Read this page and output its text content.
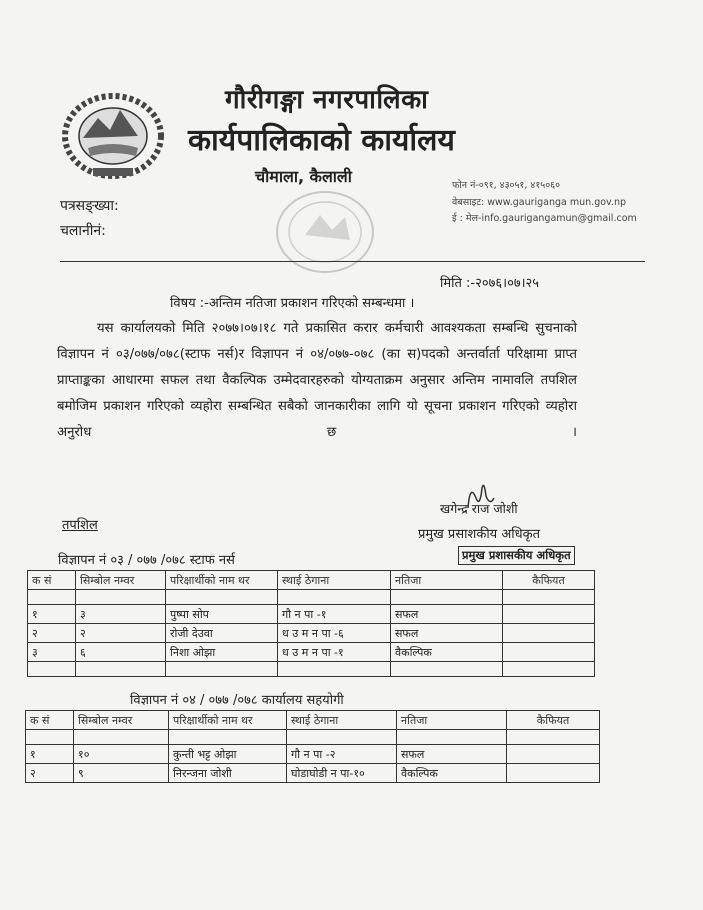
गौरीगङ्गा नगरपालिका
कार्यपालिकाको कार्यालय
चौमाला, कैलाली	फोन नं-०९१, ४३०५१, ४१५०६०
वेबसाइट: www.gauriganga mun.gov.np
ई : मेल-info.gaurigangamun@gmail.com
पत्रसङ्ख्या:
चलानीनं:
मिति :-२०७६।०७।२५
विषय :-अन्तिम नतिजा प्रकाशन गरिएको सम्बन्धमा ।
यस कार्यालयको मिति २०७७।०७।१८ गते प्रकासित करार कर्मचारी आवश्यकता सम्बन्धि सुचनाको विज्ञापन नं ०३/०७७/०७८(स्टाफ नर्स)र विज्ञापन नं ०४/०७७-०७८ (का स)पदको अन्तर्वार्ता परिक्षामा प्राप्त प्राप्ताङ्कका आधारमा सफल तथा वैकल्पिक उम्मेदवारहरुको योग्यताक्रम अनुसार अन्तिम नामावलि तपशिल बमोजिम प्रकाशन गरिएको व्यहोरा सम्बन्धित सबैको जानकारीका लागि यो सूचना प्रकाशन गरिएको व्यहोरा अनुरोध छ ।
खगेन्द्र राज जोशी
प्रमुख प्रसाशकीय अधिकृत
प्रमुख प्रशासकीय अधिकृत
तपशिल
विज्ञापन नं ०३ / ०७७ /०७८ स्टाफ नर्स
क सं	सिम्बोल नम्वर	परिक्षार्थीको नाम थर	स्थाई ठेगाना	नतिजा	कैफियत

१	३	पुष्पा सोप	गौ न पा -१	सफल	
२	२	रोजी देउवा	ध उ म न पा -६	सफल	
३	६	निशा ओझा	ध उ म न पा -१	वैकल्पिक	

विज्ञापन नं ०४ / ०७७ /०७८ कार्यालय सहयोगी
क सं	सिम्बोल नम्वर	परिक्षार्थीको नाम थर	स्थाई ठेगाना	नतिजा	कैफियत

१	१०	कुन्ती भट्ट ओझा	गौ न पा -२	सफल	
२	९	निरन्जना जोशी	घोडाघोडी न पा-१०	वैकल्पिक	
